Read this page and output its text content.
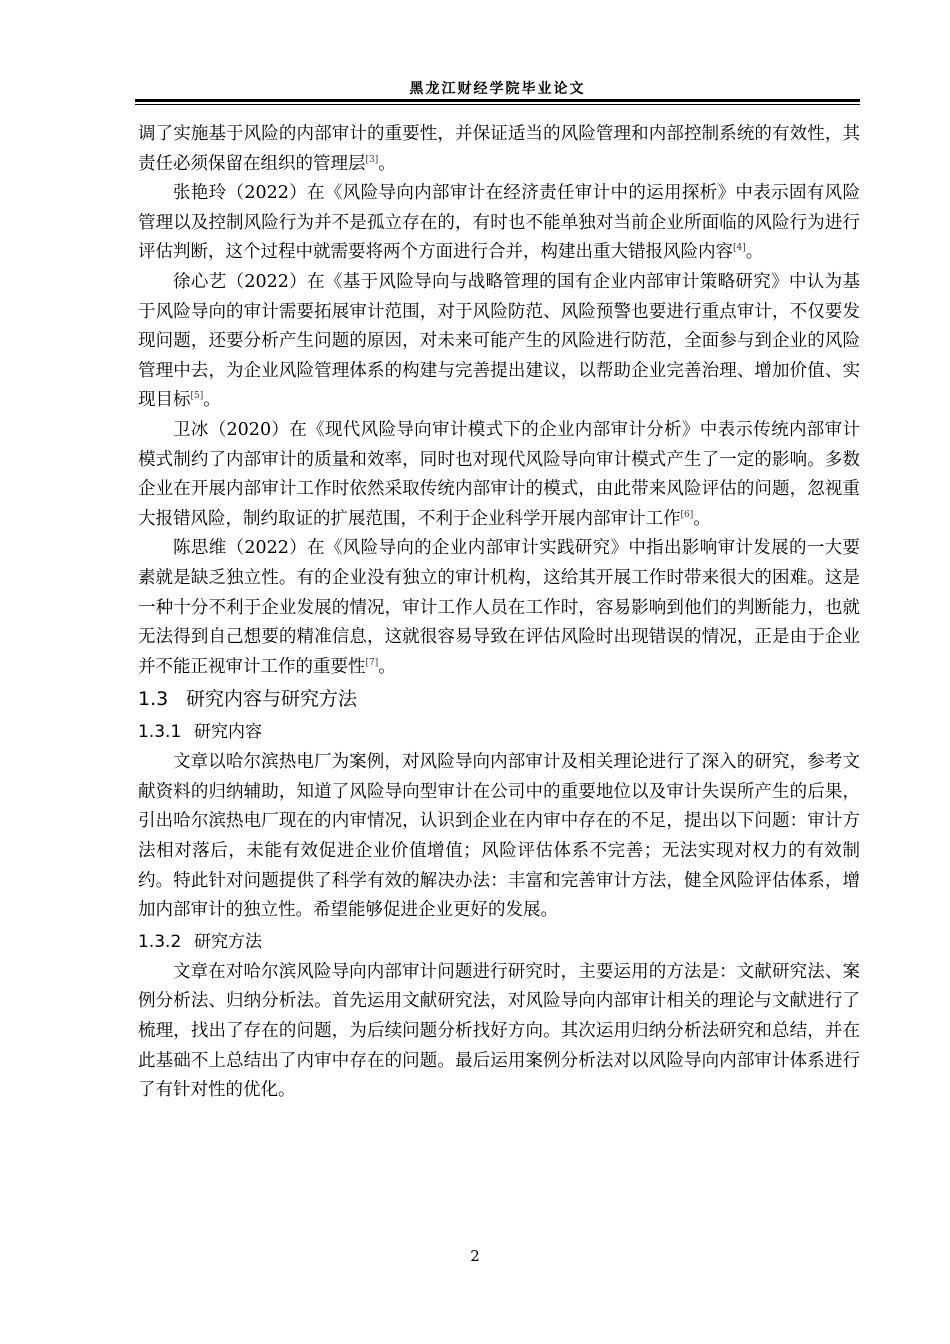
黑龙江财经学院毕业论文

调了实施基于风险的内部审计的重要性，并保证适当的风险管理和内部控制系统的有效性，其责任必须保留在组织的管理层[3]。

张艳玲（2022）在《风险导向内部审计在经济责任审计中的运用探析》中表示固有风险管理以及控制风险行为并不是孤立存在的，有时也不能单独对当前企业所面临的风险行为进行评估判断，这个过程中就需要将两个方面进行合并，构建出重大错报风险内容[4]。

徐心艺（2022）在《基于风险导向与战略管理的国有企业内部审计策略研究》中认为基于风险导向的审计需要拓展审计范围，对于风险防范、风险预警也要进行重点审计，不仅要发现问题，还要分析产生问题的原因，对未来可能产生的风险进行防范，全面参与到企业的风险管理中去，为企业风险管理体系的构建与完善提出建议，以帮助企业完善治理、增加价值、实现目标[5]。

卫冰（2020）在《现代风险导向审计模式下的企业内部审计分析》中表示传统内部审计模式制约了内部审计的质量和效率，同时也对现代风险导向审计模式产生了一定的影响。多数企业在开展内部审计工作时依然采取传统内部审计的模式，由此带来风险评估的问题，忽视重大报错风险，制约取证的扩展范围，不利于企业科学开展内部审计工作[6]。

陈思维（2022）在《风险导向的企业内部审计实践研究》中指出影响审计发展的一大要素就是缺乏独立性。有的企业没有独立的审计机构，这给其开展工作时带来很大的困难。这是一种十分不利于企业发展的情况，审计工作人员在工作时，容易影响到他们的判断能力，也就无法得到自己想要的精准信息，这就很容易导致在评估风险时出现错误的情况，正是由于企业并不能正视审计工作的重要性[7]。

1.3 研究内容与研究方法
1.3.1 研究内容

文章以哈尔滨热电厂为案例，对风险导向内部审计及相关理论进行了深入的研究，参考文献资料的归纳辅助，知道了风险导向型审计在公司中的重要地位以及审计失误所产生的后果，引出哈尔滨热电厂现在的内审情况，认识到企业在内审中存在的不足，提出以下问题：审计方法相对落后，未能有效促进企业价值增值；风险评估体系不完善；无法实现对权力的有效制约。特此针对问题提供了科学有效的解决办法：丰富和完善审计方法，健全风险评估体系，增加内部审计的独立性。希望能够促进企业更好的发展。

1.3.2 研究方法

文章在对哈尔滨风险导向内部审计问题进行研究时，主要运用的方法是：文献研究法、案例分析法、归纳分析法。首先运用文献研究法，对风险导向内部审计相关的理论与文献进行了梳理，找出了存在的问题，为后续问题分析找好方向。其次运用归纳分析法研究和总结，并在此基础不上总结出了内审中存在的问题。最后运用案例分析法对以风险导向内部审计体系进行了有针对性的优化。

2
